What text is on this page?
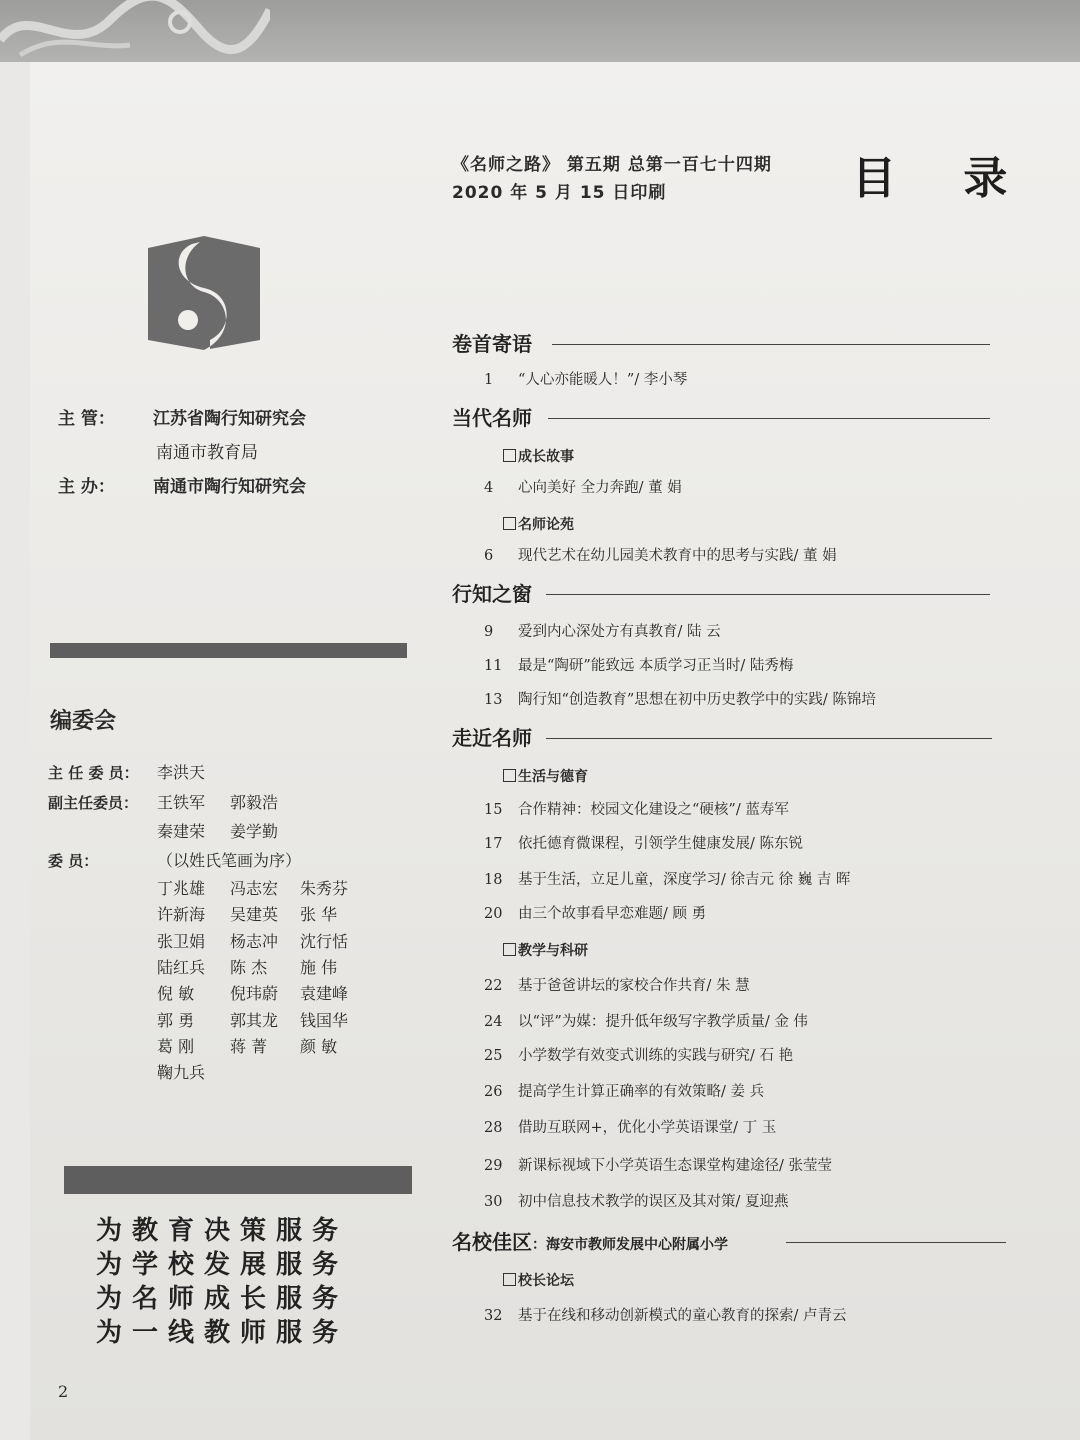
《名师之路》 第五期 总第一百七十四期
2020 年 5 月 15 日印刷	目 录
主 管： 江苏省陶行知研究会
南通市教育局
主 办： 南通市陶行知研究会
编委会
主 任 委 员： 李洪天
副主任委员： 王铁军 郭毅浩
秦建荣 姜学勤
委 员：	（以姓氏笔画为序）
丁兆雄 冯志宏 朱秀芬
许新海 吴建英 张 华
张卫娟 杨志冲 沈行恬
陆红兵 陈 杰 施 伟
倪 敏 倪玮蔚 袁建峰
郭 勇 郭其龙 钱国华
葛 刚 蒋 菁 颜 敏
鞠九兵
为教育决策服务
为学校发展服务
为名师成长服务
为一线教师服务
卷首寄语
当代名师
行知之窗
走近名师
名校佳区：海安市教师发展中心附属小学
成长故事
名师论苑
生活与德育
教学与科研
校长论坛
1 “人心亦能暖人！”/ 李小琴
4 心向美好 全力奔跑/ 董 娟
6 现代艺术在幼儿园美术教育中的思考与实践/ 董 娟
9 爱到内心深处方有真教育/ 陆 云
11 最是“陶研”能致远 本质学习正当时/ 陆秀梅
13 陶行知“创造教育”思想在初中历史教学中的实践/ 陈锦培
15 合作精神：校园文化建设之“硬核”/ 蓝寿军
17 依托德育微课程，引领学生健康发展/ 陈东锐
18 基于生活，立足儿童，深度学习/ 徐吉元 徐 巍 吉 晖
20 由三个故事看早恋难题/ 顾 勇
22 基于爸爸讲坛的家校合作共育/ 朱 慧
24 以“评”为媒：提升低年级写字教学质量/ 金 伟
25 小学数学有效变式训练的实践与研究/ 石 艳
26 提高学生计算正确率的有效策略/ 姜 兵
28 借助互联网+，优化小学英语课堂/ 丁 玉
29 新课标视域下小学英语生态课堂构建途径/ 张莹莹
30 初中信息技术教学的误区及其对策/ 夏迎燕
32 基于在线和移动创新模式的童心教育的探索/ 卢青云
2
